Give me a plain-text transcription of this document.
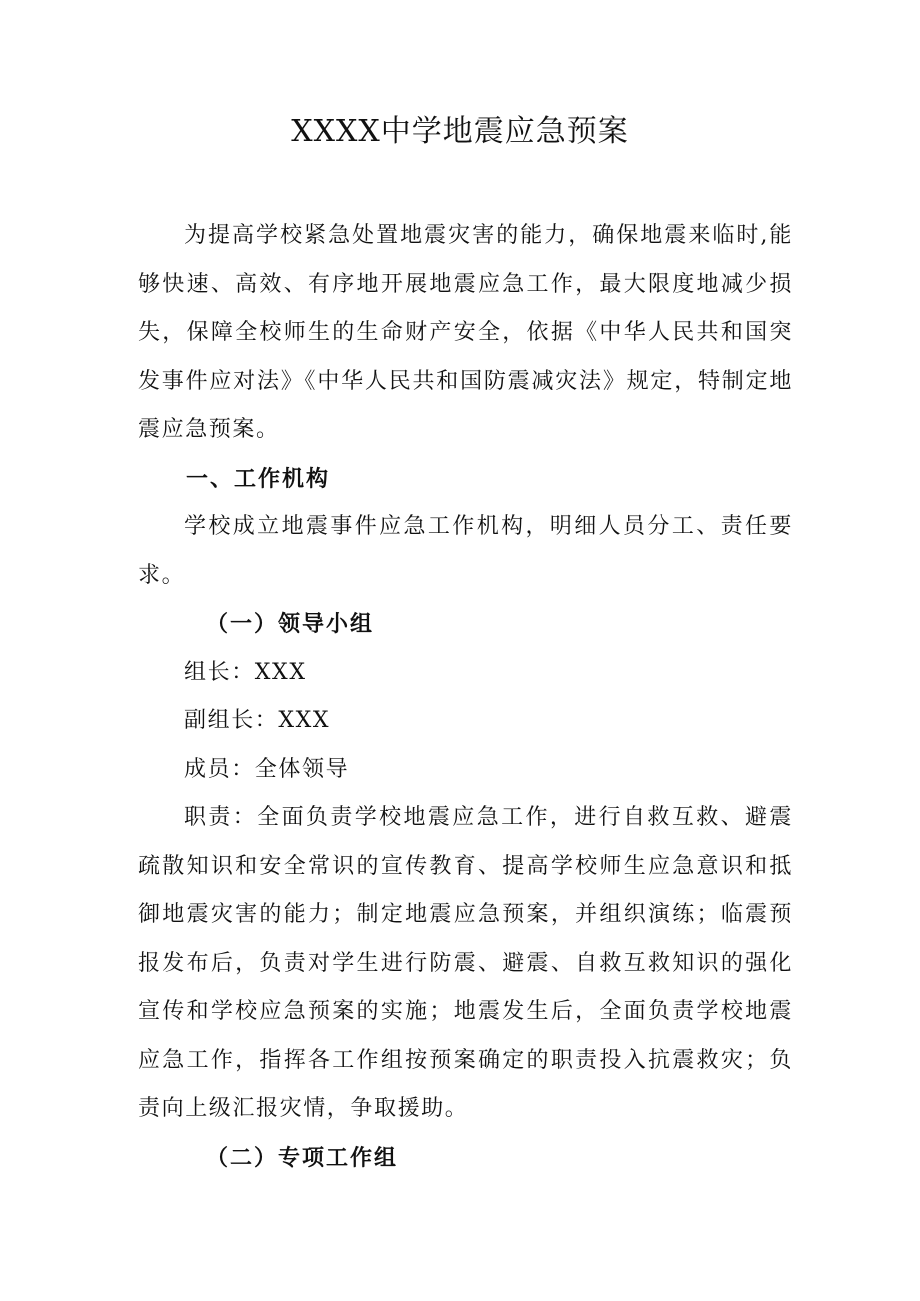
XXXX中学地震应急预案

为提高学校紧急处置地震灾害的能力，确保地震来临时,能够快速、高效、有序地开展地震应急工作，最大限度地减少损失，保障全校师生的生命财产安全，依据《中华人民共和国突发事件应对法》《中华人民共和国防震减灾法》规定，特制定地震应急预案。

一、工作机构

学校成立地震事件应急工作机构，明细人员分工、责任要求。

（一）领导小组

组长：XXX

副组长：XXX

成员：全体领导

职责：全面负责学校地震应急工作，进行自救互救、避震疏散知识和安全常识的宣传教育、提高学校师生应急意识和抵御地震灾害的能力；制定地震应急预案，并组织演练；临震预报发布后，负责对学生进行防震、避震、自救互救知识的强化宣传和学校应急预案的实施；地震发生后，全面负责学校地震应急工作，指挥各工作组按预案确定的职责投入抗震救灾；负责向上级汇报灾情，争取援助。

（二）专项工作组
